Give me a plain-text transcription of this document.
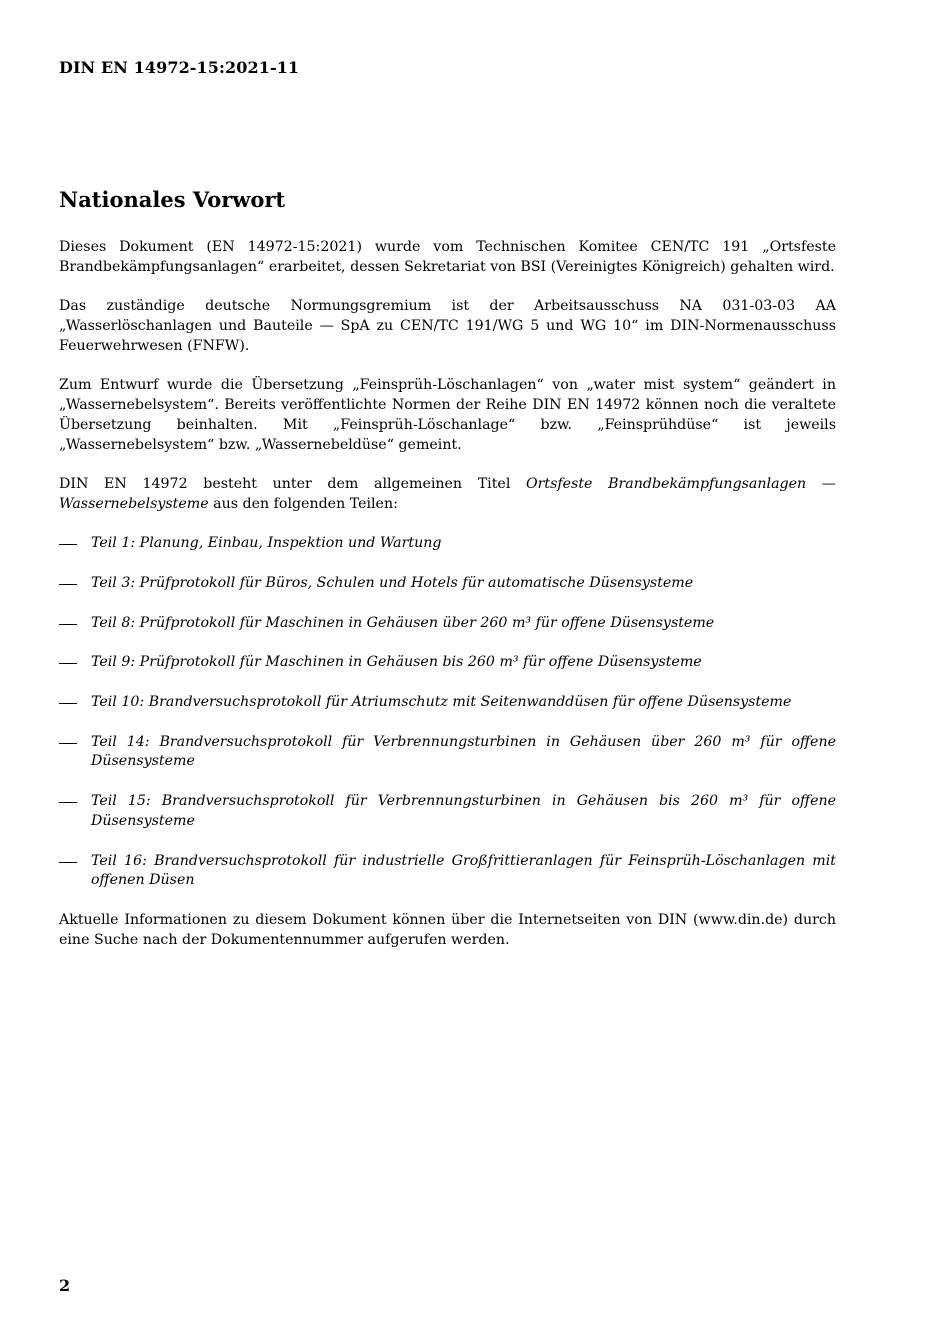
DIN EN 14972-15:2021-11
Nationales Vorwort

Dieses Dokument (EN 14972-15:2021) wurde vom Technischen Komitee CEN/TC 191 „Ortsfeste Brandbekämpfungsanlagen“ erarbeitet, dessen Sekretariat von BSI (Vereinigtes Königreich) gehalten wird.

Das zuständige deutsche Normungsgremium ist der Arbeitsausschuss NA 031-03-03 AA „Wasserlöschanlagen und Bauteile — SpA zu CEN/TC 191/WG 5 und WG 10“ im DIN-Normenausschuss Feuerwehrwesen (FNFW).

Zum Entwurf wurde die Übersetzung „Feinsprüh-Löschanlagen“ von „water mist system“ geändert in „Wassernebelsystem“. Bereits veröffentlichte Normen der Reihe DIN EN 14972 können noch die veraltete Übersetzung beinhalten. Mit „Feinsprüh-Löschanlage“ bzw. „Feinsprühdüse“ ist jeweils „Wassernebelsystem“ bzw. „Wassernebeldüse“ gemeint.

DIN EN 14972 besteht unter dem allgemeinen Titel Ortsfeste Brandbekämpfungsanlagen — Wassernebelsysteme aus den folgenden Teilen:

Teil 1: Planung, Einbau, Inspektion und Wartung
Teil 3: Prüfprotokoll für Büros, Schulen und Hotels für automatische Düsensysteme
Teil 8: Prüfprotokoll für Maschinen in Gehäusen über 260 m³ für offene Düsensysteme
Teil 9: Prüfprotokoll für Maschinen in Gehäusen bis 260 m³ für offene Düsensysteme
Teil 10: Brandversuchsprotokoll für Atriumschutz mit Seitenwanddüsen für offene Düsensysteme
Teil 14: Brandversuchsprotokoll für Verbrennungsturbinen in Gehäusen über 260 m³ für offene Düsensysteme
Teil 15: Brandversuchsprotokoll für Verbrennungsturbinen in Gehäusen bis 260 m³ für offene Düsensysteme
Teil 16: Brandversuchsprotokoll für industrielle Großfrittieranlagen für Feinsprüh-Löschanlagen mit offenen Düsen

Aktuelle Informationen zu diesem Dokument können über die Internetseiten von DIN (www.din.de) durch eine Suche nach der Dokumentennummer aufgerufen werden.

2
